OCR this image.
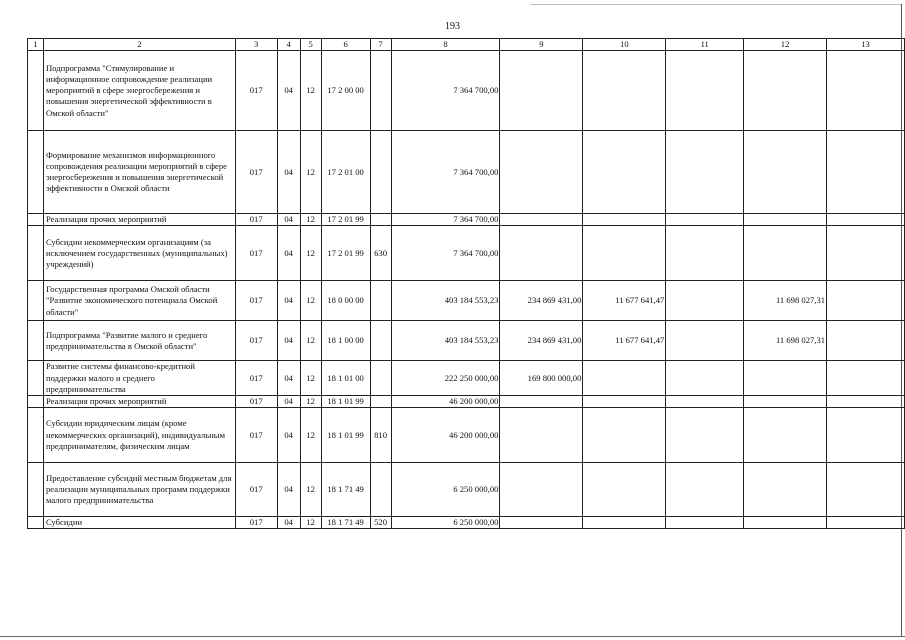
193
1	2	3	4	5	6	7	8	9	10	11	12	13
	Подпрограмма "Стимулирование и информационное сопровождение реализации мероприятий в сфере энергосбережения и повышения энергетической эффективности в Омской области"	017	04	12	17 2 00 00		7 364 700,00					
	Формирование механизмов информационного сопровождения реализации мероприятий в сфере энергосбережения и повышения энергетической эффективности в Омской области	017	04	12	17 2 01 00		7 364 700,00					
	Реализация прочих мероприятий	017	04	12	17 2 01 99		7 364 700,00					
	Субсидии некоммерческим организациям (за исключением государственных (муниципальных) учреждений)	017	04	12	17 2 01 99	630	7 364 700,00					
	Государственная программа Омской области "Развитие экономического потенциала Омской области"	017	04	12	18 0 00 00		403 184 553,23	234 869 431,00	11 677 641,47		11 698 027,31	
	Подпрограмма "Развитие малого и среднего предпринимательства в Омской области"	017	04	12	18 1 00 00		403 184 553,23	234 869 431,00	11 677 641,47		11 698 027,31	
	Развитие системы финансово-кредитной поддержки малого и среднего предпринимательства	017	04	12	18 1 01 00		222 250 000,00	169 800 000,00				
	Реализация прочих мероприятий	017	04	12	18 1 01 99		46 200 000,00					
	Субсидии юридическим лицам (кроме некоммерческих организаций), индивидуальным предпринимателям, физическим лицам	017	04	12	18 1 01 99	810	46 200 000,00					
	Предоставление субсидий местным бюджетам для реализации муниципальных программ поддержки малого предпринимательства	017	04	12	18 1 71 49		6 250 000,00					
	Субсидии	017	04	12	18 1 71 49	520	6 250 000,00					
